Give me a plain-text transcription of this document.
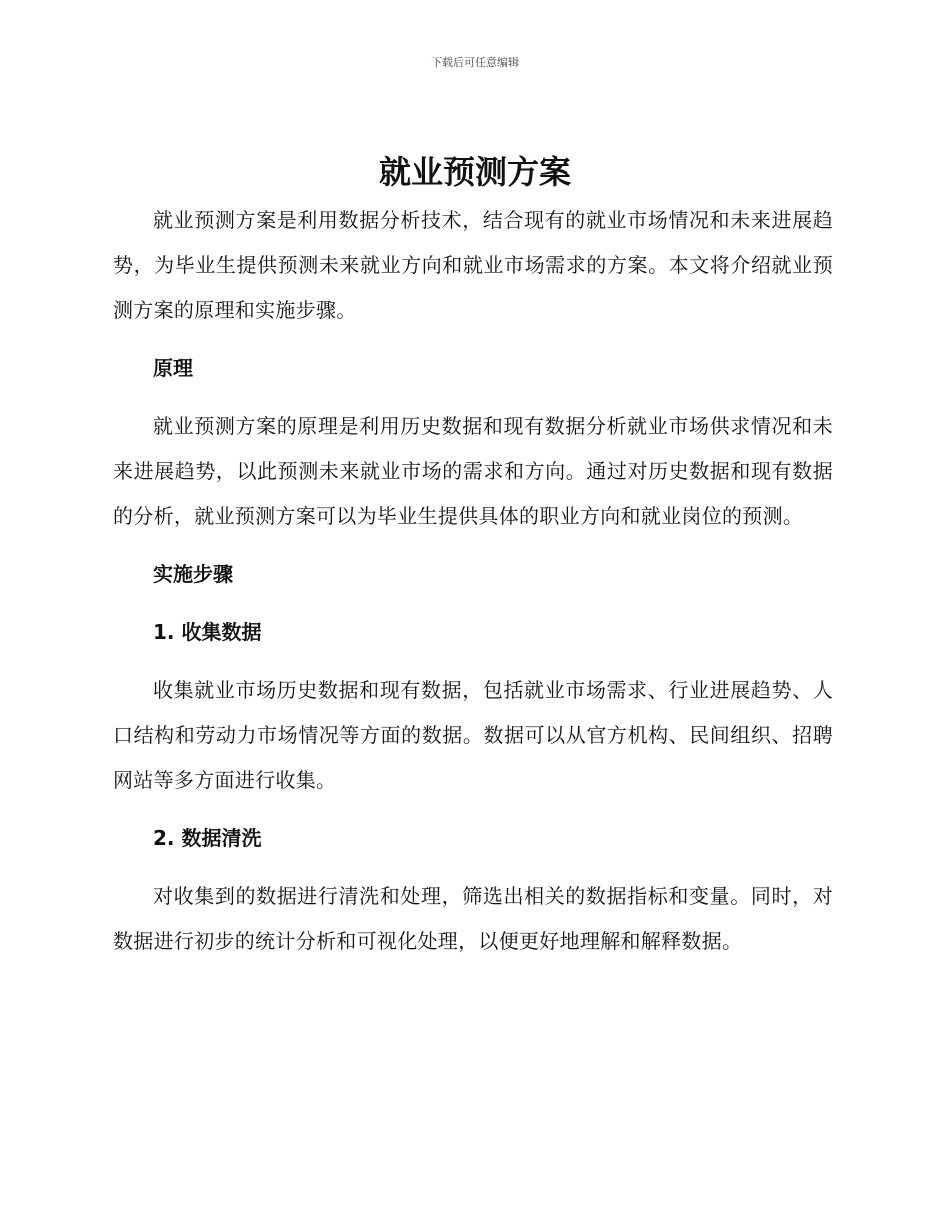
下载后可任意编辑
就业预测方案

就业预测方案是利用数据分析技术，结合现有的就业市场情况和未来进展趋势，为毕业生提供预测未来就业方向和就业市场需求的方案。本文将介绍就业预测方案的原理和实施步骤。

原理

就业预测方案的原理是利用历史数据和现有数据分析就业市场供求情况和未来进展趋势，以此预测未来就业市场的需求和方向。通过对历史数据和现有数据的分析，就业预测方案可以为毕业生提供具体的职业方向和就业岗位的预测。

实施步骤

1. 收集数据

收集就业市场历史数据和现有数据，包括就业市场需求、行业进展趋势、人口结构和劳动力市场情况等方面的数据。数据可以从官方机构、民间组织、招聘网站等多方面进行收集。

2. 数据清洗

对收集到的数据进行清洗和处理，筛选出相关的数据指标和变量。同时，对数据进行初步的统计分析和可视化处理，以便更好地理解和解释数据。
